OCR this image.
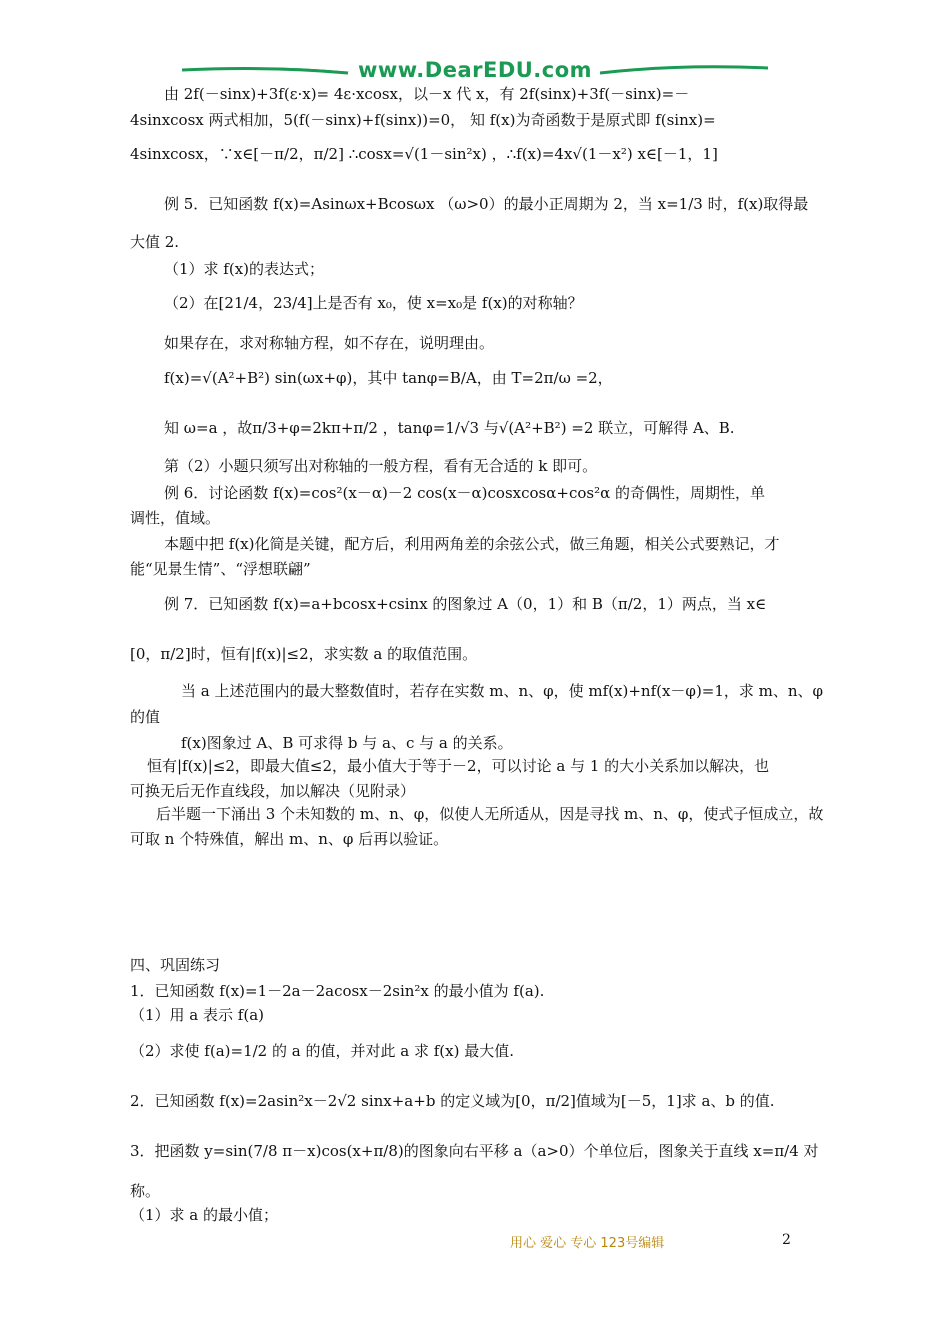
www.DearEDU.com
由 2f(－sinx)+3f(ε·x)= 4ε·xcosx，以－x 代 x，有 2f(sinx)+3f(－sinx)=－
4sinxcosx 两式相加，5(f(－sinx)+f(sinx))=0， 知 f(x)为奇函数于是原式即 f(sinx)=
4sinxcosx，∵x∈[－π/2，π/2] ∴cosx=√(1－sin²x) ，∴f(x)=4x√(1－x²) x∈[－1，1]
例 5．已知函数 f(x)=Asinωx+Bcosωx （ω>0）的最小正周期为 2，当 x=1/3 时，f(x)取得最
大值 2.
（1）求 f(x)的表达式；
（2）在[21/4，23/4]上是否有 x₀，使 x=x₀是 f(x)的对称轴？
如果存在，求对称轴方程，如不存在，说明理由。
f(x)=√(A²+B²) sin(ωx+φ)，其中 tanφ=B/A，由 T=2π/ω =2，
知 ω=a ，故π/3+φ=2kπ+π/2 ，tanφ=1/√3 与√(A²+B²) =2 联立，可解得 A、B.
第（2）小题只须写出对称轴的一般方程，看有无合适的 k 即可。
例 6．讨论函数 f(x)=cos²(x－α)－2 cos(x－α)cosxcosα+cos²α 的奇偶性，周期性，单
调性，值域。
本题中把 f(x)化简是关键，配方后，利用两角差的余弦公式，做三角题，相关公式要熟记，才
能“见景生情”、“浮想联翩”
例 7．已知函数 f(x)=a+bcosx+csinx 的图象过 A（0，1）和 B（π/2，1）两点，当 x∈
[0，π/2]时，恒有|f(x)|≤2，求实数 a 的取值范围。
当 a 上述范围内的最大整数值时，若存在实数 m、n、φ，使 mf(x)+nf(x－φ)=1，求 m、n、φ
的值
f(x)图象过 A、B 可求得 b 与 a、c 与 a 的关系。
恒有|f(x)|≤2，即最大值≤2，最小值大于等于－2，可以讨论 a 与 1 的大小关系加以解决，也
可换无后无作直线段，加以解决（见附录）
后半题一下涌出 3 个未知数的 m、n、φ，似使人无所适从，因是寻找 m、n、φ，使式子恒成立，故
可取 n 个特殊值，解出 m、n、φ 后再以验证。
四、巩固练习
1．已知函数 f(x)=1－2a－2acosx－2sin²x 的最小值为 f(a).
（1）用 a 表示 f(a)
（2）求使 f(a)=1/2 的 a 的值，并对此 a 求 f(x) 最大值.
2．已知函数 f(x)=2asin²x－2√2 sinx+a+b 的定义域为[0，π/2]值域为[－5，1]求 a、b 的值.
3．把函数 y=sin(7/8 π－x)cos(x+π/8)的图象向右平移 a（a>0）个单位后，图象关于直线 x=π/4 对
称。
（1）求 a 的最小值；
用心 爱心 专心 123号编辑	2
